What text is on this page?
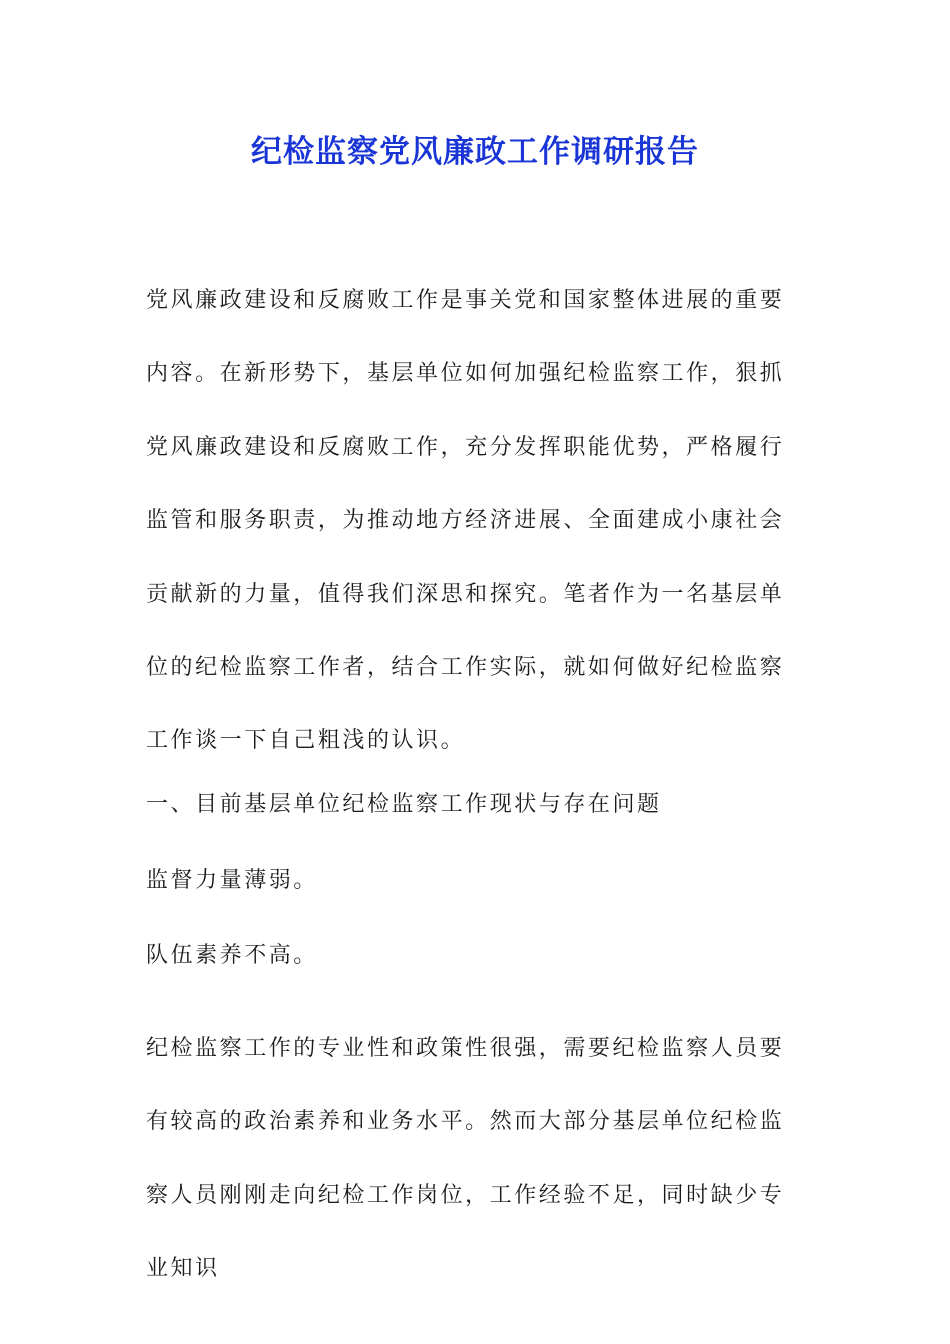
纪检监察党风廉政工作调研报告

党风廉政建设和反腐败工作是事关党和国家整体进展的重要内容。在新形势下，基层单位如何加强纪检监察工作，狠抓党风廉政建设和反腐败工作，充分发挥职能优势，严格履行监管和服务职责，为推动地方经济进展、全面建成小康社会贡献新的力量，值得我们深思和探究。笔者作为一名基层单位的纪检监察工作者，结合工作实际，就如何做好纪检监察工作谈一下自己粗浅的认识。

一、目前基层单位纪检监察工作现状与存在问题

监督力量薄弱。

队伍素养不高。

纪检监察工作的专业性和政策性很强，需要纪检监察人员要有较高的政治素养和业务水平。然而大部分基层单位纪检监察人员刚刚走向纪检工作岗位，工作经验不足，同时缺少专业知识
